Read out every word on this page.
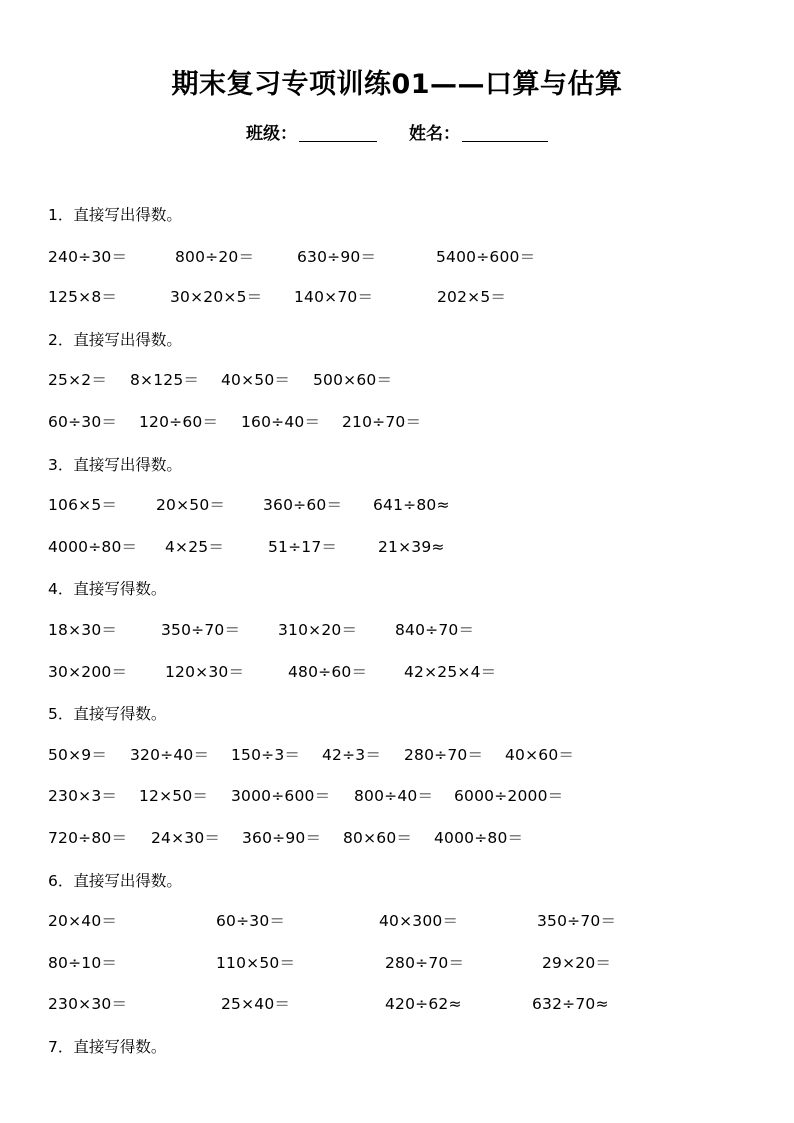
期末复习专项训练01——口算与估算
班级：	姓名：
1．直接写出得数。
240÷30＝	800÷20＝	630÷90＝	5400÷600＝
125×8＝	30×20×5＝ 140×70＝	202×5＝
2．直接写出得数。
25×2＝ 8×125＝ 40×50＝ 500×60＝
60÷30＝ 120÷60＝ 160÷40＝ 210÷70＝
3．直接写出得数。
106×5＝	20×50＝ 360÷60＝ 641÷80≈
4000÷80＝ 4×25＝	51÷17＝	21×39≈
4．直接写得数。
18×30＝	350÷70＝ 310×20＝ 840÷70＝
30×200＝ 120×30＝	480÷60＝ 42×25×4＝
5．直接写得数。
50×9＝ 320÷40＝ 150÷3＝ 42÷3＝ 280÷70＝ 40×60＝
230×3＝ 12×50＝ 3000÷600＝ 800÷40＝ 6000÷2000＝
720÷80＝ 24×30＝ 360÷90＝ 80×60＝ 4000÷80＝
6．直接写出得数。
20×40＝	60÷30＝	40×300＝	350÷70＝
80÷10＝	110×50＝	280÷70＝	29×20＝
230×30＝	25×40＝	420÷62≈	632÷70≈
7．直接写得数。
